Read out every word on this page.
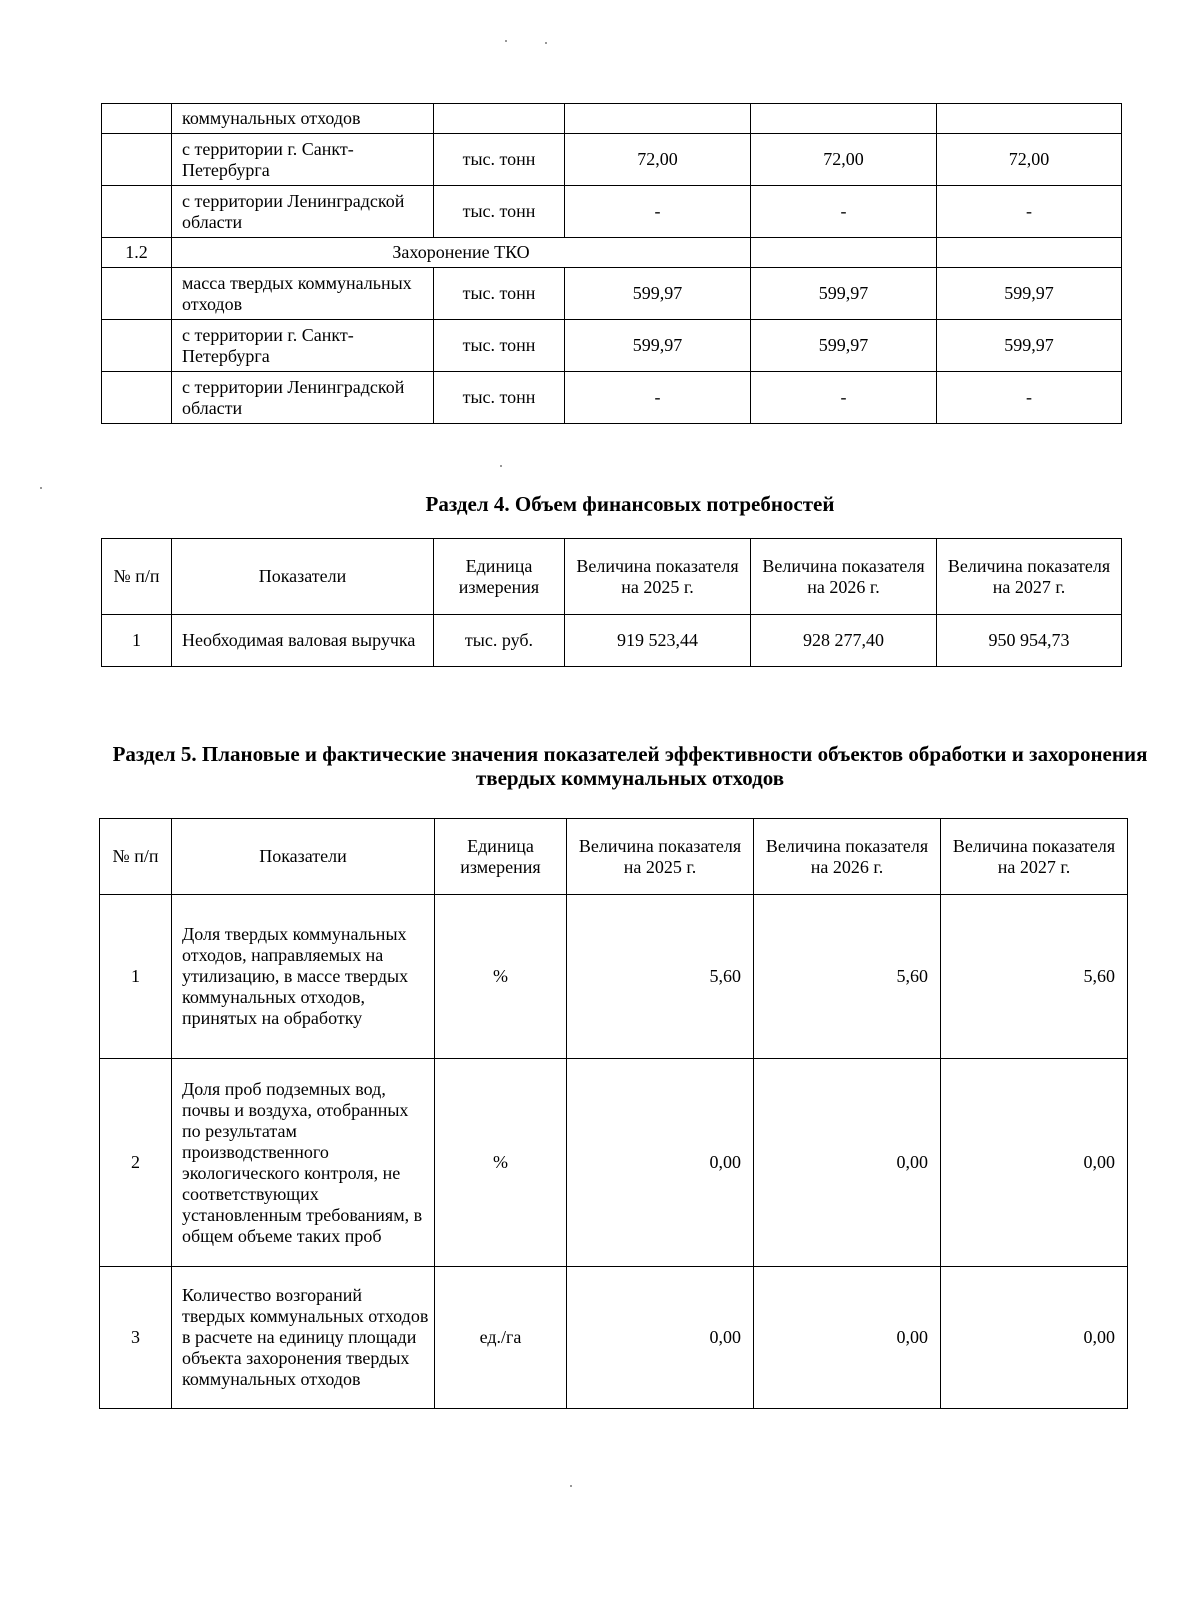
	коммунальных отходов				
	с территории г. Санкт-Петербурга	тыс. тонн	72,00	72,00	72,00
	с территории Ленинградской области	тыс. тонн	-	-	-
1.2	Захоронение ТКО				
	масса твердых коммунальных отходов	тыс. тонн	599,97	599,97	599,97
	с территории г. Санкт-Петербурга	тыс. тонн	599,97	599,97	599,97
	с территории Ленинградской области	тыс. тонн	-	-	-
Раздел 4. Объем финансовых потребностей
№ п/п	Показатели	Единица измерения	Величина показателя на 2025 г.	Величина показателя на 2026 г.	Величина показателя на 2027 г.
1	Необходимая валовая выручка	тыс. руб.	919 523,44	928 277,40	950 954,73
Раздел 5. Плановые и фактические значения показателей эффективности объектов обработки и захоронения твердых коммунальных отходов
№ п/п	Показатели	Единица измерения	Величина показателя на 2025 г.	Величина показателя на 2026 г.	Величина показателя на 2027 г.
1	Доля твердых коммунальных отходов, направляемых на утилизацию, в массе твердых коммунальных отходов, принятых на обработку	%	5,60	5,60	5,60
2	Доля проб подземных вод, почвы и воздуха, отобранных по результатам производственного экологического контроля, не соответствующих установленным требованиям, в общем объеме таких проб	%	0,00	0,00	0,00
3	Количество возгораний твердых коммунальных отходов в расчете на единицу площади объекта захоронения твердых коммунальных отходов	ед./га	0,00	0,00	0,00
